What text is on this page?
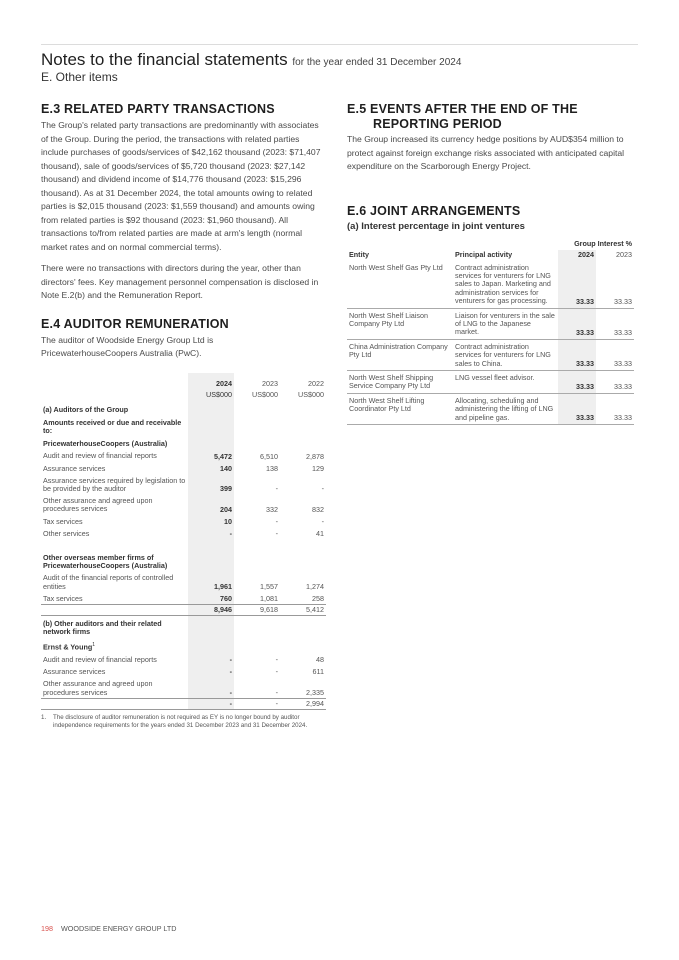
Notes to the financial statements for the year ended 31 December 2024
E. Other items
E.3 RELATED PARTY TRANSACTIONS
The Group's related party transactions are predominantly with associates of the Group. During the period, the transactions with related parties include purchases of goods/services of $42,162 thousand (2023: $71,407 thousand), sale of goods/services of $5,720 thousand (2023: $27,142 thousand) and dividend income of $14,776 thousand (2023: $15,296 thousand). As at 31 December 2024, the total amounts owing to related parties is $2,015 thousand (2023: $1,559 thousand) and amounts owing from related parties is $92 thousand (2023: $1,960 thousand). All transactions to/from related parties are made at arm's length (normal market rates and on normal commercial terms).
There were no transactions with directors during the year, other than directors' fees. Key management personnel compensation is disclosed in Note E.2(b) and the Remuneration Report.
E.4 AUDITOR REMUNERATION
The auditor of Woodside Energy Group Ltd is PricewaterhouseCoopers Australia (PwC).
	2024	2023	2022
	US$000	US$000	US$000
(a) Auditors of the Group			
Amounts received or due and receivable to:			
PricewaterhouseCoopers (Australia)			
Audit and review of financial reports	5,472	6,510	2,878
Assurance services	140	138	129
Assurance services required by legislation to be provided by the auditor	399	-	-
Other assurance and agreed upon procedures services	204	332	832
Tax services	10	-	-
Other services	-	-	41

Other overseas member firms of PricewaterhouseCoopers (Australia)			
Audit of the financial reports of controlled entities	1,961	1,557	1,274
Tax services	760	1,081	258
	8,946	9,618	5,412
(b) Other auditors and their related network firms			
Ernst & Young$^1$			
Audit and review of financial reports	-	-	48
Assurance services	-	-	611
Other assurance and agreed upon procedures services	-	-	2,335
	-	-	2,994
1.	The disclosure of auditor remuneration is not required as EY is no longer bound by auditor independence requirements for the years ended 31 December 2023 and 31 December 2024.
E.5 EVENTS AFTER THE END OF THE REPORTING PERIOD
The Group increased its currency hedge positions by AUD$354 million to protect against foreign exchange risks associated with anticipated capital expenditure on the Scarborough Energy Project.
E.6 JOINT ARRANGEMENTS
(a) Interest percentage in joint ventures
		Group Interest %	
Entity	Principal activity	2024	2023
North West Shelf Gas Pty Ltd	Contract administration services for venturers for LNG sales to Japan. Marketing and administration services for venturers for gas processing.	33.33	33.33
North West Shelf Liaison Company Pty Ltd	Liaison for venturers in the sale of LNG to the Japanese market.	33.33	33.33
China Administration Company Pty Ltd	Contract administration services for venturers for LNG sales to China.	33.33	33.33
North West Shelf Shipping Service Company Pty Ltd	LNG vessel fleet advisor.	33.33	33.33
North West Shelf Lifting Coordinator Pty Ltd	Allocating, scheduling and administering the lifting of LNG and pipeline gas.	33.33	33.33
198 WOODSIDE ENERGY GROUP LTD
